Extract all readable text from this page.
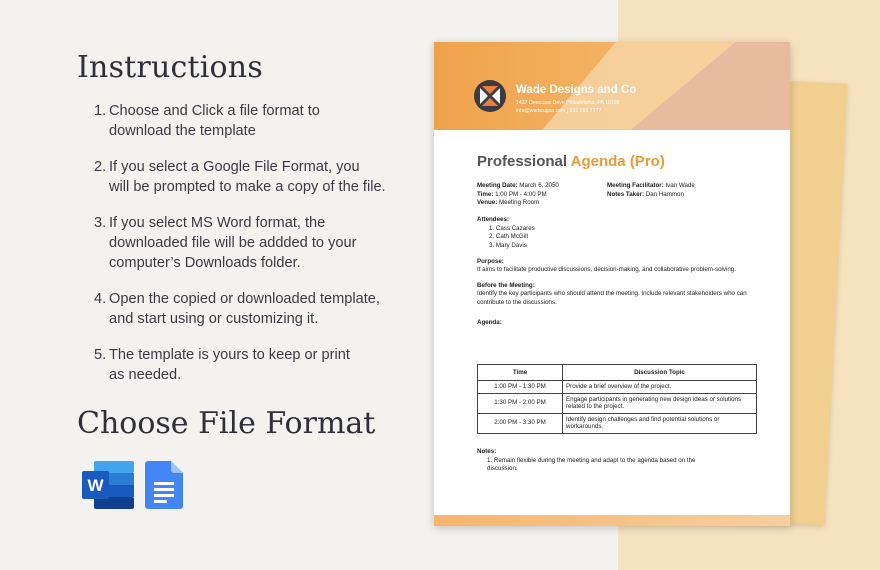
Instructions
1. Choose and Click a file format to
download the template
2. If you select a Google File Format, you
will be prompted to make a copy of the file.
3. If you select MS Word format, the
downloaded file will be addded to your
computer’s Downloads folder.
4. Open the copied or downloaded template,
and start using or customizing it.
5. The template is yours to keep or print
as needed.
Choose File Format
W
Wade Designs and Co
1437 Deercove Drive Philadelphia, PA 19108
info@wadesigns.com | 222 555 7777
Professional Agenda (Pro)
Meeting Date: March 6, 2050
Time: 1:00 PM - 4:00 PM
Venue: Meeting Room
Meeting Facilitator: Ivan Wade
Notes Taker: Dan Hammon
Attendees:
1. Cass Cazares
2. Cath McGill
3. Mary Davis
Purpose:
It aims to facilitate productive discussions, decision-making, and collaborative problem-solving.
Before the Meeting:
Identify the key participants who should attend the meeting. Include relevant stakeholders who can contribute to the discussions.
Agenda:
Time	Discussion Topic
1:00 PM - 1:30 PM	Provide a brief overview of the project.
1:30 PM - 2:00 PM	Engage participants in generating new design ideas or solutions related to the project.
2:00 PM - 3:30 PM	Identify design challenges and find potential solutions or workarounds.
Notes:
1. Remain flexible during the meeting and adapt to the agenda based on the
discussion.
